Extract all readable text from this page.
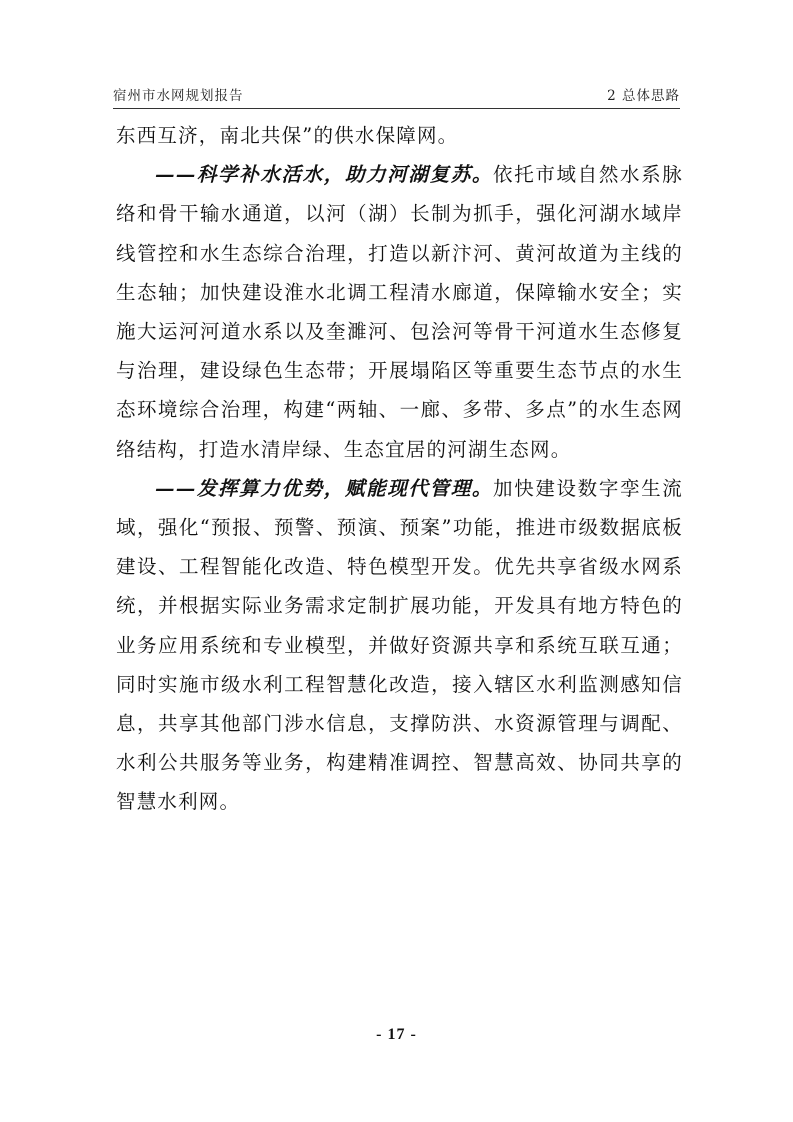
宿州市水网规划报告	2 总体思路

东西互济，南北共保”的供水保障网。

——科学补水活水，助力河湖复苏。依托市域自然水系脉络和骨干输水通道，以河（湖）长制为抓手，强化河湖水域岸线管控和水生态综合治理，打造以新汴河、黄河故道为主线的生态轴；加快建设淮水北调工程清水廊道，保障输水安全；实施大运河河道水系以及奎濉河、包浍河等骨干河道水生态修复与治理，建设绿色生态带；开展塌陷区等重要生态节点的水生态环境综合治理，构建“两轴、一廊、多带、多点”的水生态网络结构，打造水清岸绿、生态宜居的河湖生态网。

——发挥算力优势，赋能现代管理。加快建设数字孪生流域，强化“预报、预警、预演、预案”功能，推进市级数据底板建设、工程智能化改造、特色模型开发。优先共享省级水网系统，并根据实际业务需求定制扩展功能，开发具有地方特色的业务应用系统和专业模型，并做好资源共享和系统互联互通；同时实施市级水利工程智慧化改造，接入辖区水利监测感知信息，共享其他部门涉水信息，支撑防洪、水资源管理与调配、水利公共服务等业务，构建精准调控、智慧高效、协同共享的智慧水利网。

- 17 -
